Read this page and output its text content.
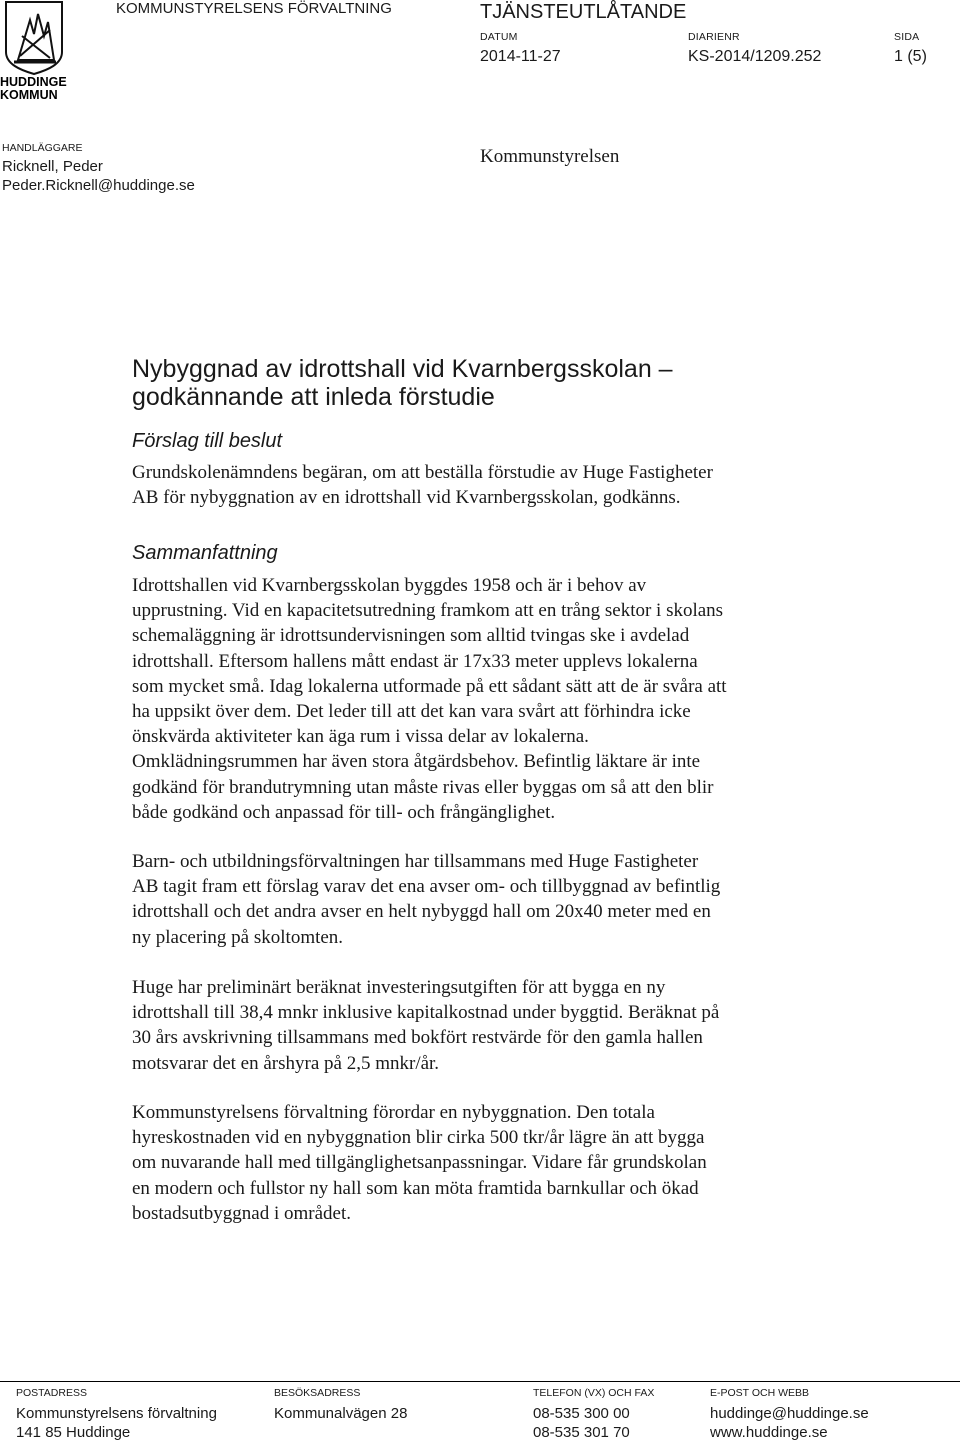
HUDDINGE
KOMMUN
KOMMUNSTYRELSENS FÖRVALTNING	TJÄNSTEUTLÅTANDE
DATUM
2014-11-27
DIARIENR
KS-2014/1209.252
SIDA
1 (5)
HANDLÄGGARE
Ricknell, Peder
Peder.Ricknell@huddinge.se
Kommunstyrelsen
Nybyggnad av idrottshall vid Kvarnbergsskolan –
godkännande att inleda förstudie
Förslag till beslut
Grundskolenämndens begäran, om att beställa förstudie av Huge Fastigheter
AB för nybyggnation av en idrottshall vid Kvarnbergsskolan, godkänns.
Sammanfattning
Idrottshallen vid Kvarnbergsskolan byggdes 1958 och är i behov av
upprustning. Vid en kapacitetsutredning framkom att en trång sektor i skolans
schemaläggning är idrottsundervisningen som alltid tvingas ske i avdelad
idrottshall. Eftersom hallens mått endast är 17x33 meter upplevs lokalerna
som mycket små. Idag lokalerna utformade på ett sådant sätt att de är svåra att
ha uppsikt över dem. Det leder till att det kan vara svårt att förhindra icke
önskvärda aktiviteter kan äga rum i vissa delar av lokalerna.
Omklädningsrummen har även stora åtgärdsbehov. Befintlig läktare är inte
godkänd för brandutrymning utan måste rivas eller byggas om så att den blir
både godkänd och anpassad för till- och frångänglighet.
Barn- och utbildningsförvaltningen har tillsammans med Huge Fastigheter
AB tagit fram ett förslag varav det ena avser om- och tillbyggnad av befintlig
idrottshall och det andra avser en helt nybyggd hall om 20x40 meter med en
ny placering på skoltomten.
Huge har preliminärt beräknat investeringsutgiften för att bygga en ny
idrottshall till 38,4 mnkr inklusive kapitalkostnad under byggtid. Beräknat på
30 års avskrivning tillsammans med bokfört restvärde för den gamla hallen
motsvarar det en årshyra på 2,5 mnkr/år.
Kommunstyrelsens förvaltning förordar en nybyggnation. Den totala
hyreskostnaden vid en nybyggnation blir cirka 500 tkr/år lägre än att bygga
om nuvarande hall med tillgänglighetsanpassningar. Vidare får grundskolan
en modern och fullstor ny hall som kan möta framtida barnkullar och ökad
bostadsutbyggnad i området.
POSTADRESS
Kommunstyrelsens förvaltning
141 85 Huddinge
BESÖKSADRESS
Kommunalvägen 28
TELEFON (VX) OCH FAX
08-535 300 00
08-535 301 70
E-POST OCH WEBB
huddinge@huddinge.se
www.huddinge.se
